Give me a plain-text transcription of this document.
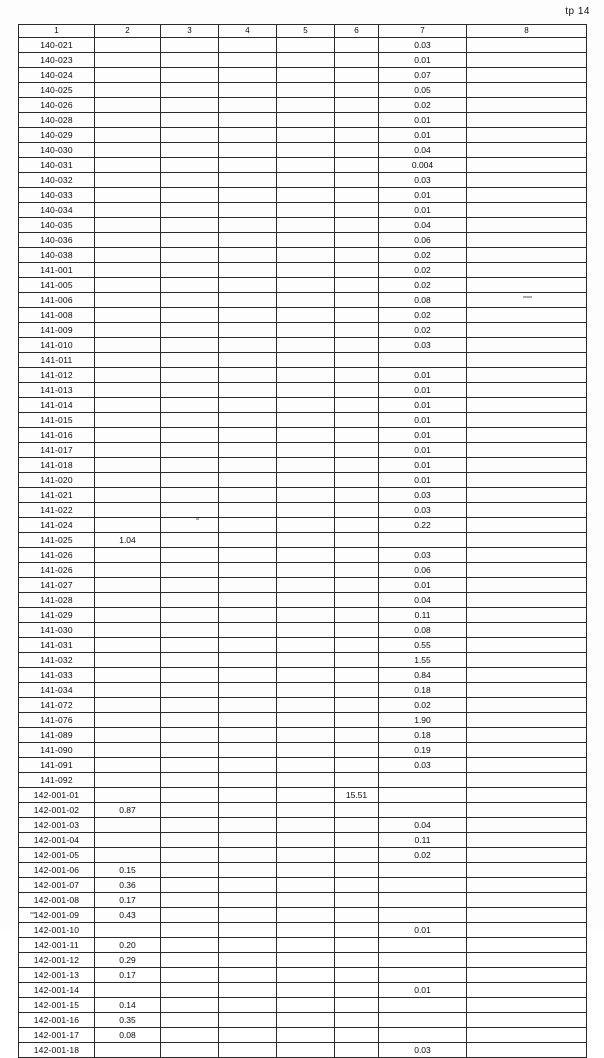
tp 14
1	2	3	4	5	6	7	8
140-021						0.03	
140-023						0.01	
140-024						0.07	
140-025						0.05	
140-026						0.02	
140-028						0.01	
140-029						0.01	
140-030						0.04	
140-031						0.004	
140-032						0.03	
140-033						0.01	
140-034						0.01	
140-035						0.04	
140-036						0.06	
140-038						0.02	
141-001						0.02	
141-005						0.02	
141-006						0.08	
141-008						0.02	
141-009						0.02	
141-010						0.03	
141-011							
141-012						0.01	
141-013						0.01	
141-014						0.01	
141-015						0.01	
141-016						0.01	
141-017						0.01	
141-018						0.01	
141-020						0.01	
141-021						0.03	
141-022						0.03	
141-024						0.22	
141-025	1.04						
141-026						0.03	
141-026						0.06	
141-027						0.01	
141-028						0.04	
141-029						0.11	
141-030						0.08	
141-031						0.55	
141-032						1.55	
141-033						0.84	
141-034						0.18	
141-072						0.02	
141-076						1.90	
141-089						0.18	
141-090						0.19	
141-091						0.03	
141-092							
142-001-01					15.51		
142-001-02	0.87						
142-001-03						0.04	
142-001-04						0.11	
142-001-05						0.02	
142-001-06	0.15						
142-001-07	0.36						
142-001-08	0.17						
142-001-09	0.43						
142-001-10						0.01	
142-001-11	0.20						
142-001-12	0.29						
142-001-13	0.17						
142-001-14						0.01	
142-001-15	0.14						
142-001-16	0.35						
142-001-17	0.08						
142-001-18						0.03	
